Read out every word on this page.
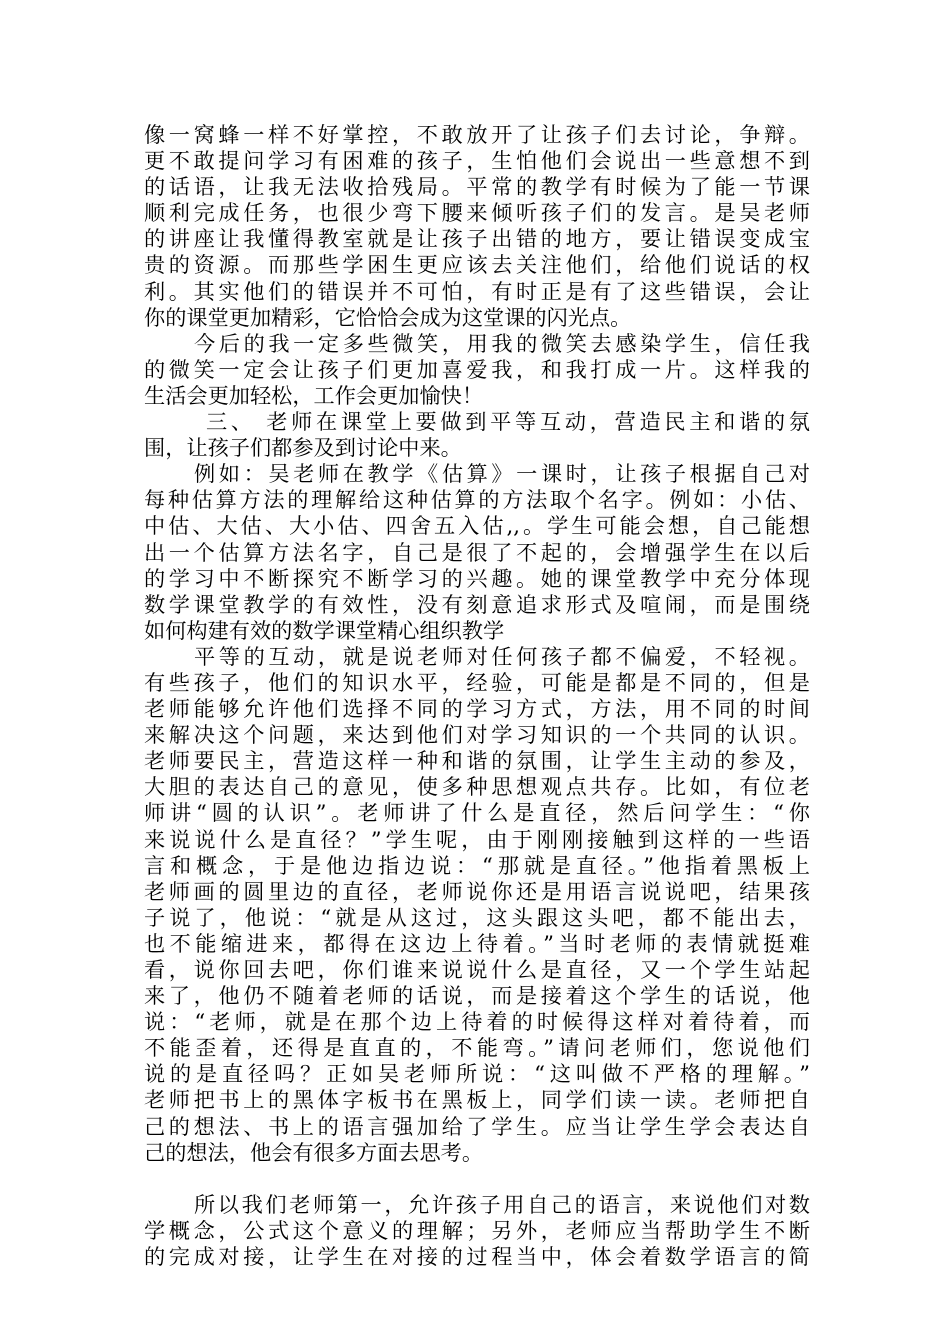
像一窝蜂一样不好掌控，不敢放开了让孩子们去讨论，争辩。
更不敢提问学习有困难的孩子，生怕他们会说出一些意想不到
的话语，让我无法收拾残局。平常的教学有时候为了能一节课
顺利完成任务，也很少弯下腰来倾听孩子们的发言。是吴老师
的讲座让我懂得教室就是让孩子出错的地方，要让错误变成宝
贵的资源。而那些学困生更应该去关注他们，给他们说话的权
利。其实他们的错误并不可怕，有时正是有了这些错误，会让
你的课堂更加精彩，它恰恰会成为这堂课的闪光点。
今后的我一定多些微笑，用我的微笑去感染学生，信任我
的微笑一定会让孩子们更加喜爱我，和我打成一片。这样我的
生活会更加轻松，工作会更加愉快！
三、 老师在课堂上要做到平等互动，营造民主和谐的氛
围，让孩子们都参及到讨论中来。
例如：吴老师在教学《估算》一课时，让孩子根据自己对
每种估算方法的理解给这种估算的方法取个名字。例如：小估、
中估、大估、大小估、四舍五入估,,。学生可能会想，自己能想
出一个估算方法名字，自己是很了不起的，会增强学生在以后
的学习中不断探究不断学习的兴趣。她的课堂教学中充分体现
数学课堂教学的有效性，没有刻意追求形式及喧闹，而是围绕
如何构建有效的数学课堂精心组织教学
平等的互动，就是说老师对任何孩子都不偏爱，不轻视。
有些孩子，他们的知识水平，经验，可能是都是不同的，但是
老师能够允许他们选择不同的学习方式，方法，用不同的时间
来解决这个问题，来达到他们对学习知识的一个共同的认识。
老师要民主，营造这样一种和谐的氛围，让学生主动的参及，
大胆的表达自己的意见，使多种思想观点共存。比如，有位老
师讲“圆的认识”。老师讲了什么是直径，然后问学生：“你
来说说什么是直径？”学生呢，由于刚刚接触到这样的一些语
言和概念，于是他边指边说：“那就是直径。”他指着黑板上
老师画的圆里边的直径，老师说你还是用语言说说吧，结果孩
子说了，他说：“就是从这过，这头跟这头吧，都不能出去，
也不能缩进来，都得在这边上待着。”当时老师的表情就挺难
看，说你回去吧，你们谁来说说什么是直径，又一个学生站起
来了，他仍不随着老师的话说，而是接着这个学生的话说，他
说：“老师，就是在那个边上待着的时候得这样对着待着，而
不能歪着，还得是直直的，不能弯。”请问老师们，您说他们
说的是直径吗？正如吴老师所说：“这叫做不严格的理解。”
老师把书上的黑体字板书在黑板上，同学们读一读。老师把自
己的想法、书上的语言强加给了学生。应当让学生学会表达自
己的想法，他会有很多方面去思考。
所以我们老师第一，允许孩子用自己的语言，来说他们对数
学概念，公式这个意义的理解；另外，老师应当帮助学生不断
的完成对接，让学生在对接的过程当中，体会着数学语言的简
